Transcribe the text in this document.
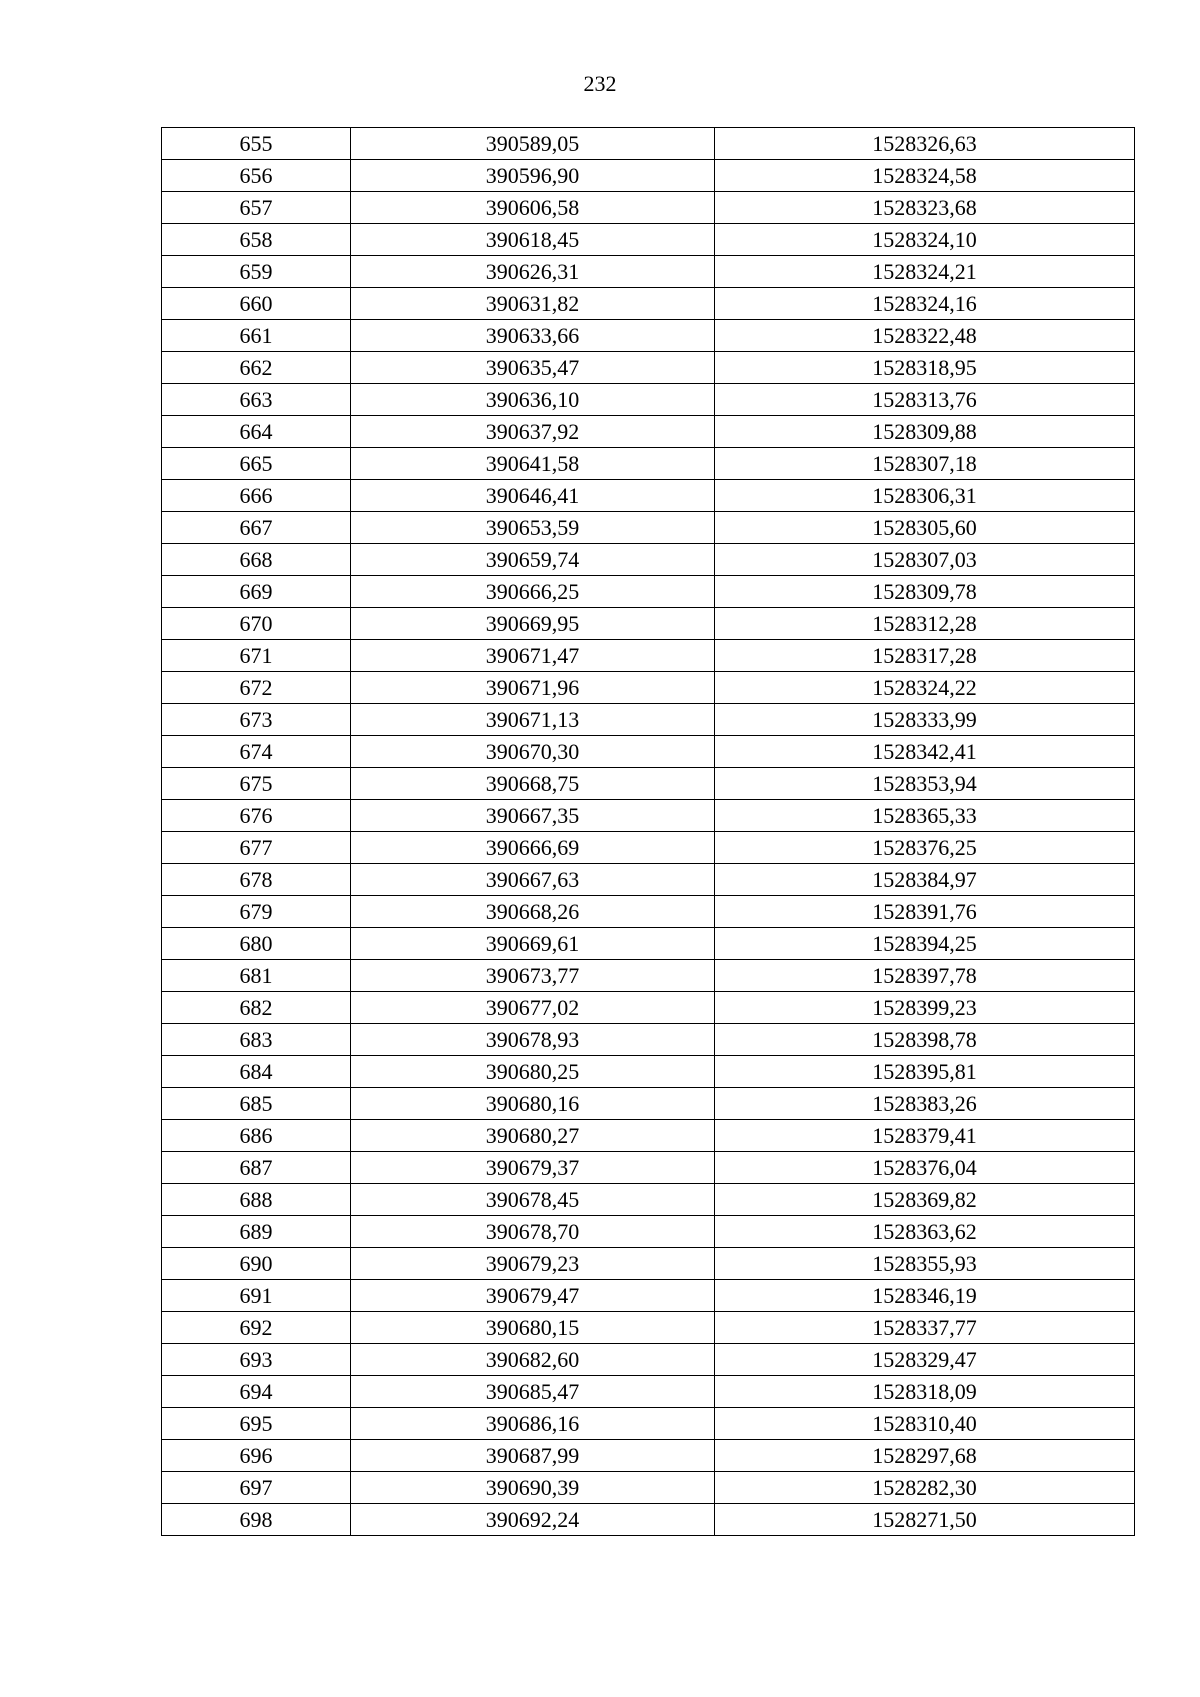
232
655	390589,05	1528326,63
656	390596,90	1528324,58
657	390606,58	1528323,68
658	390618,45	1528324,10
659	390626,31	1528324,21
660	390631,82	1528324,16
661	390633,66	1528322,48
662	390635,47	1528318,95
663	390636,10	1528313,76
664	390637,92	1528309,88
665	390641,58	1528307,18
666	390646,41	1528306,31
667	390653,59	1528305,60
668	390659,74	1528307,03
669	390666,25	1528309,78
670	390669,95	1528312,28
671	390671,47	1528317,28
672	390671,96	1528324,22
673	390671,13	1528333,99
674	390670,30	1528342,41
675	390668,75	1528353,94
676	390667,35	1528365,33
677	390666,69	1528376,25
678	390667,63	1528384,97
679	390668,26	1528391,76
680	390669,61	1528394,25
681	390673,77	1528397,78
682	390677,02	1528399,23
683	390678,93	1528398,78
684	390680,25	1528395,81
685	390680,16	1528383,26
686	390680,27	1528379,41
687	390679,37	1528376,04
688	390678,45	1528369,82
689	390678,70	1528363,62
690	390679,23	1528355,93
691	390679,47	1528346,19
692	390680,15	1528337,77
693	390682,60	1528329,47
694	390685,47	1528318,09
695	390686,16	1528310,40
696	390687,99	1528297,68
697	390690,39	1528282,30
698	390692,24	1528271,50
